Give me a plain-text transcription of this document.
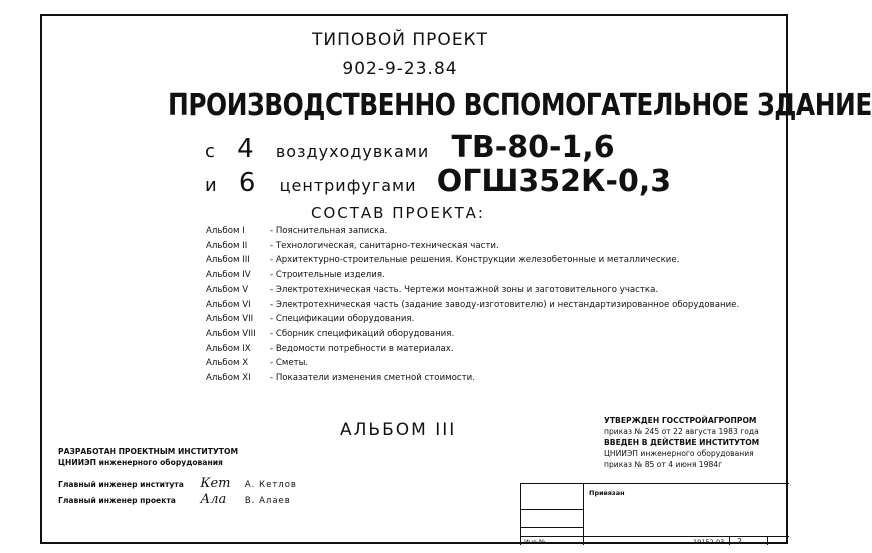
ТИПОВОЙ ПРОЕКТ
902-9-23.84
ПРОИЗВОДСТВЕННО ВСПОМОГАТЕЛЬНОЕ ЗДАНИЕ
с 4 воздуходувками ТВ-80-1,6
и 6 центрифугами ОГШ352К-0,3
СОСТАВ ПРОЕКТА:
Альбом I	- Пояснительная записка.
Альбом II	- Технологическая, санитарно-техническая части.
Альбом III - Архитектурно-строительные решения. Конструкции железобетонные и металлические.
Альбом IV - Строительные изделия.
Альбом V	- Электротехническая часть. Чертежи монтажной зоны и заготовительного участка.
Альбом VI - Электротехническая часть (задание заводу-изготовителю) и нестандартизированное оборудование.
Альбом VII - Спецификации оборудования.
Альбом VIII - Сборник спецификаций оборудования.
Альбом IX - Ведомости потребности в материалах.
Альбом X	- Сметы.
Альбом XI - Показатели изменения сметной стоимости.
АЛЬБОМ III	УТВЕРЖДЕН ГОССТРОЙАГРОПРОМ
приказ № 245 от 22 августа 1983 года
ВВЕДЕН В ДЕЙСТВИЕ ИНСТИТУТОМ
ЦНИИЭП инженерного оборудования
приказ № 85 от 4 июня 1984г
РАЗРАБОТАН ПРОЕКТНЫМ ИНСТИТУТОМ
ЦНИИЭП инженерного оборудования
Главный инженер института Кет А. Кетлов
Главный инженер проекта Ала В. Алаев
Привязан
Инв.№	19152-03 2
